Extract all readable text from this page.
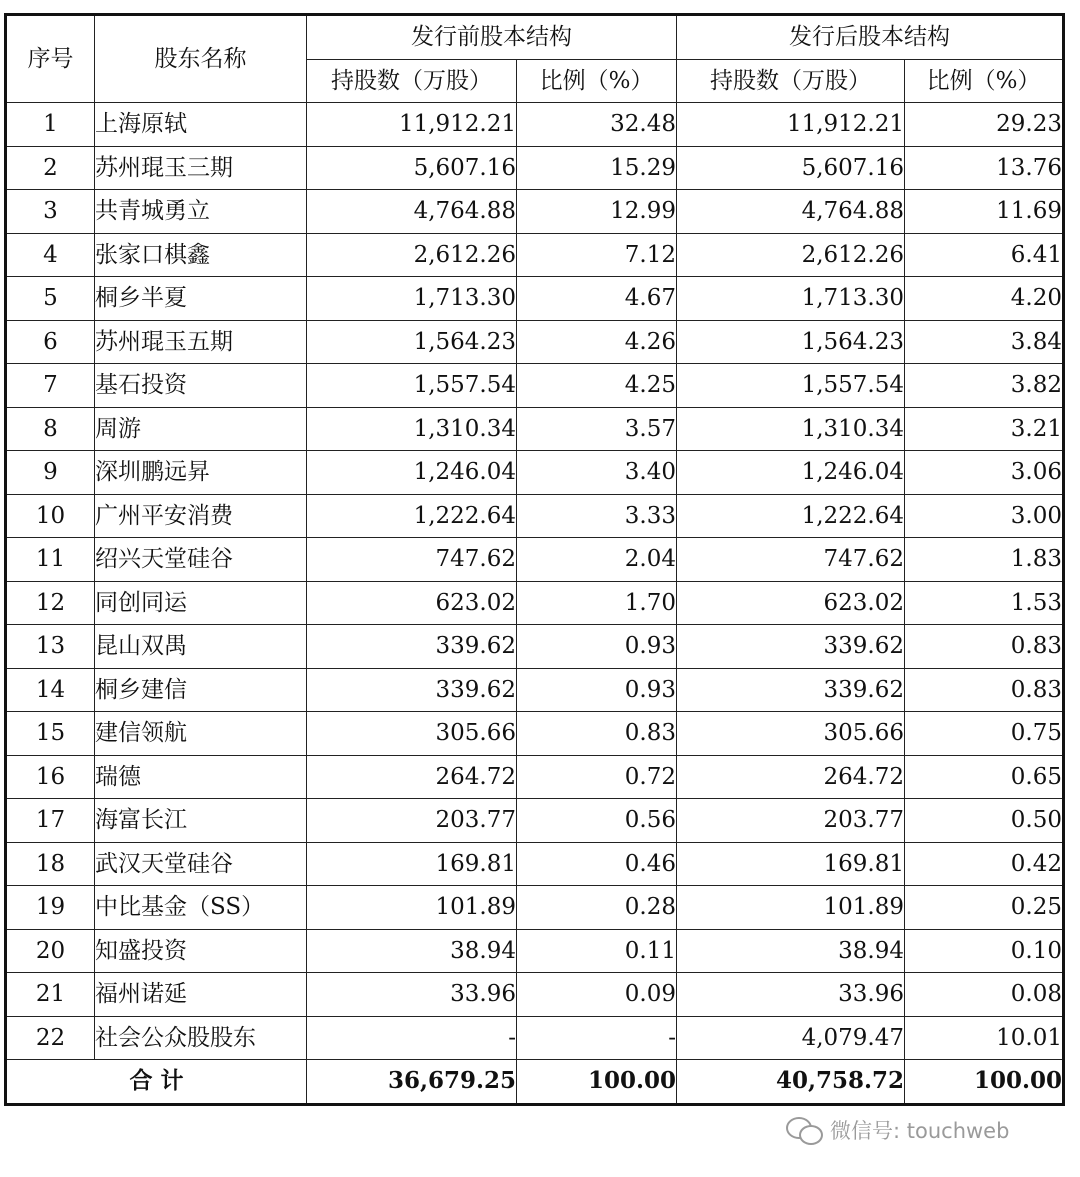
序号	股东名称	发行前股本结构		发行后股本结构	
		持股数（万股）	比例（%）	持股数（万股）	比例（%）
1	上海原轼	11,912.21	32.48	11,912.21	29.23
2	苏州琨玉三期	5,607.16	15.29	5,607.16	13.76
3	共青城勇立	4,764.88	12.99	4,764.88	11.69
4	张家口棋鑫	2,612.26	7.12	2,612.26	6.41
5	桐乡半夏	1,713.30	4.67	1,713.30	4.20
6	苏州琨玉五期	1,564.23	4.26	1,564.23	3.84
7	基石投资	1,557.54	4.25	1,557.54	3.82
8	周游	1,310.34	3.57	1,310.34	3.21
9	深圳鹏远昇	1,246.04	3.40	1,246.04	3.06
10	广州平安消费	1,222.64	3.33	1,222.64	3.00
11	绍兴天堂硅谷	747.62	2.04	747.62	1.83
12	同创同运	623.02	1.70	623.02	1.53
13	昆山双禺	339.62	0.93	339.62	0.83
14	桐乡建信	339.62	0.93	339.62	0.83
15	建信领航	305.66	0.83	305.66	0.75
16	瑞德	264.72	0.72	264.72	0.65
17	海富长江	203.77	0.56	203.77	0.50
18	武汉天堂硅谷	169.81	0.46	169.81	0.42
19	中比基金（SS）	101.89	0.28	101.89	0.25
20	知盛投资	38.94	0.11	38.94	0.10
21	福州诺延	33.96	0.09	33.96	0.08
22	社会公众股股东	-	-	4,079.47	10.01
合 计		36,679.25	100.00	40,758.72	100.00
微信号: touchweb
